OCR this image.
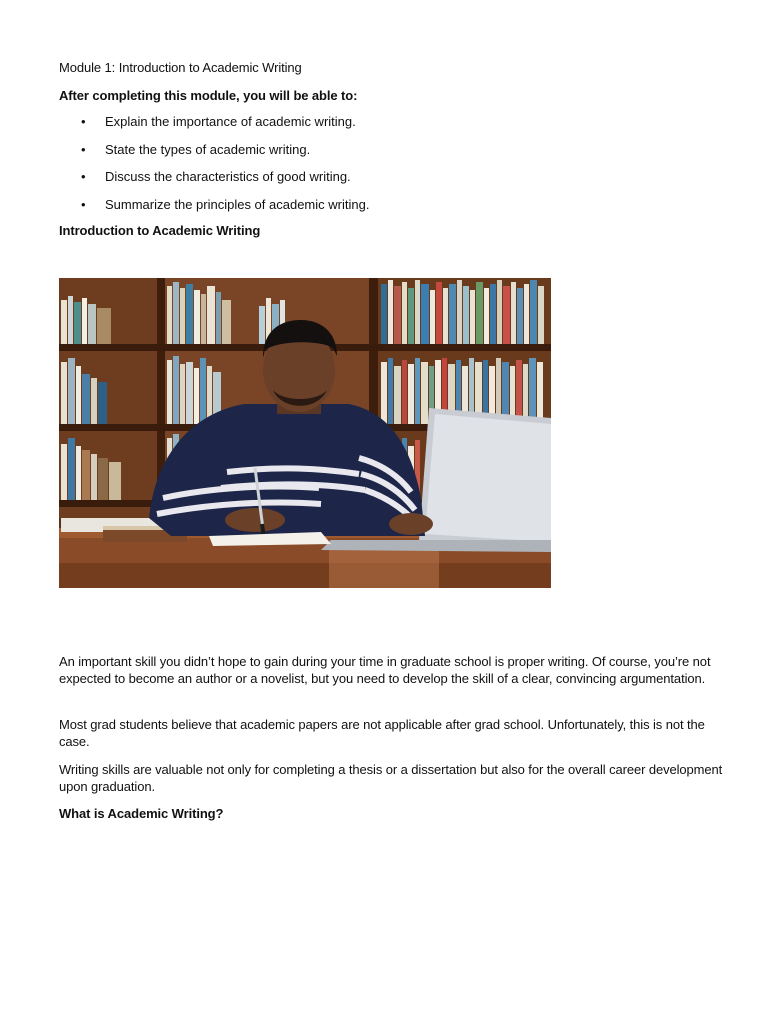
Module 1: Introduction to Academic Writing

After completing this module, you will be able to:

• Explain the importance of academic writing.
• State the types of academic writing.
• Discuss the characteristics of good writing.
• Summarize the principles of academic writing.

Introduction to Academic Writing

An important skill you didn’t hope to gain during your time in graduate school is proper writing. Of course, you’re not expected to become an author or a novelist, but you need to develop the skill of a clear, convincing argumentation.

Most grad students believe that academic papers are not applicable after grad school. Unfortunately, this is not the case.

Writing skills are valuable not only for completing a thesis or a dissertation but also for the overall career development upon graduation.

What is Academic Writing?
